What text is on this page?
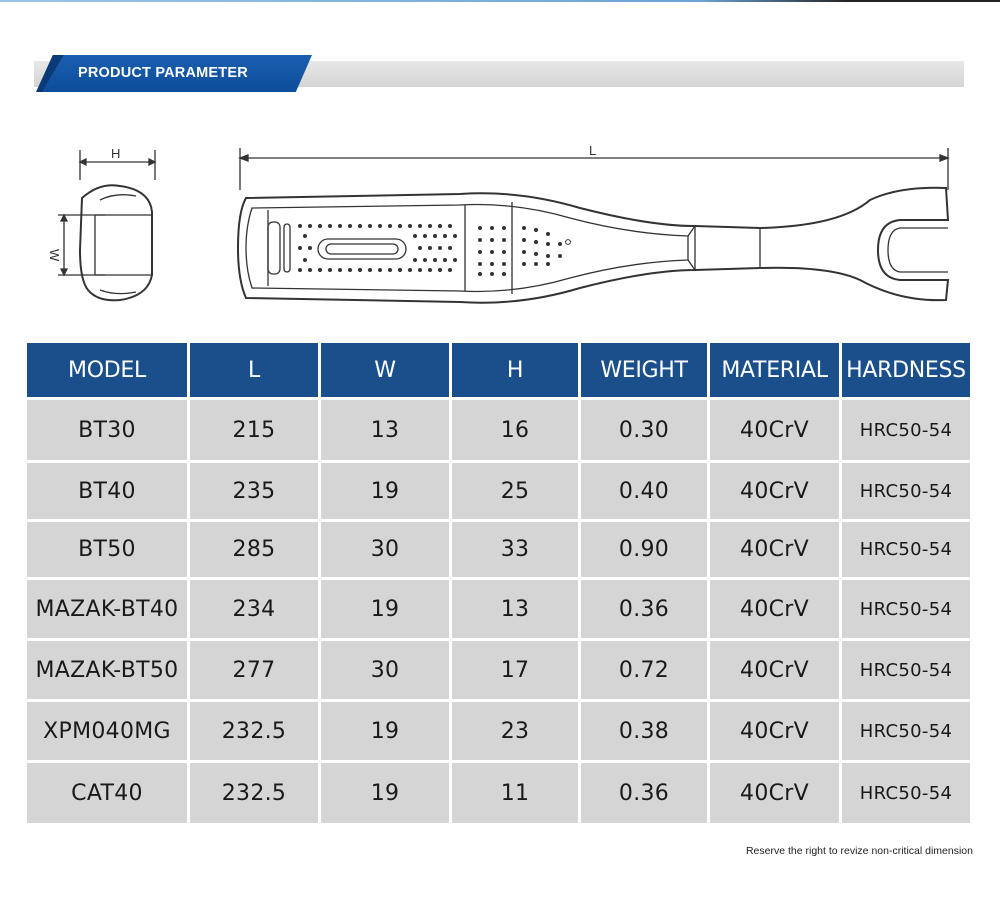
PRODUCT PARAMETER
H
W
L
MODEL	L	W	H	WEIGHT	MATERIAL	HARDNESS
BT30	215	13	16	0.30	40CrV	HRC50-54
BT40	235	19	25	0.40	40CrV	HRC50-54
BT50	285	30	33	0.90	40CrV	HRC50-54
MAZAK-BT40	234	19	13	0.36	40CrV	HRC50-54
MAZAK-BT50	277	30	17	0.72	40CrV	HRC50-54
XPM040MG	232.5	19	23	0.38	40CrV	HRC50-54
CAT40	232.5	19	11	0.36	40CrV	HRC50-54
Reserve the right to revize non-critical dimension
